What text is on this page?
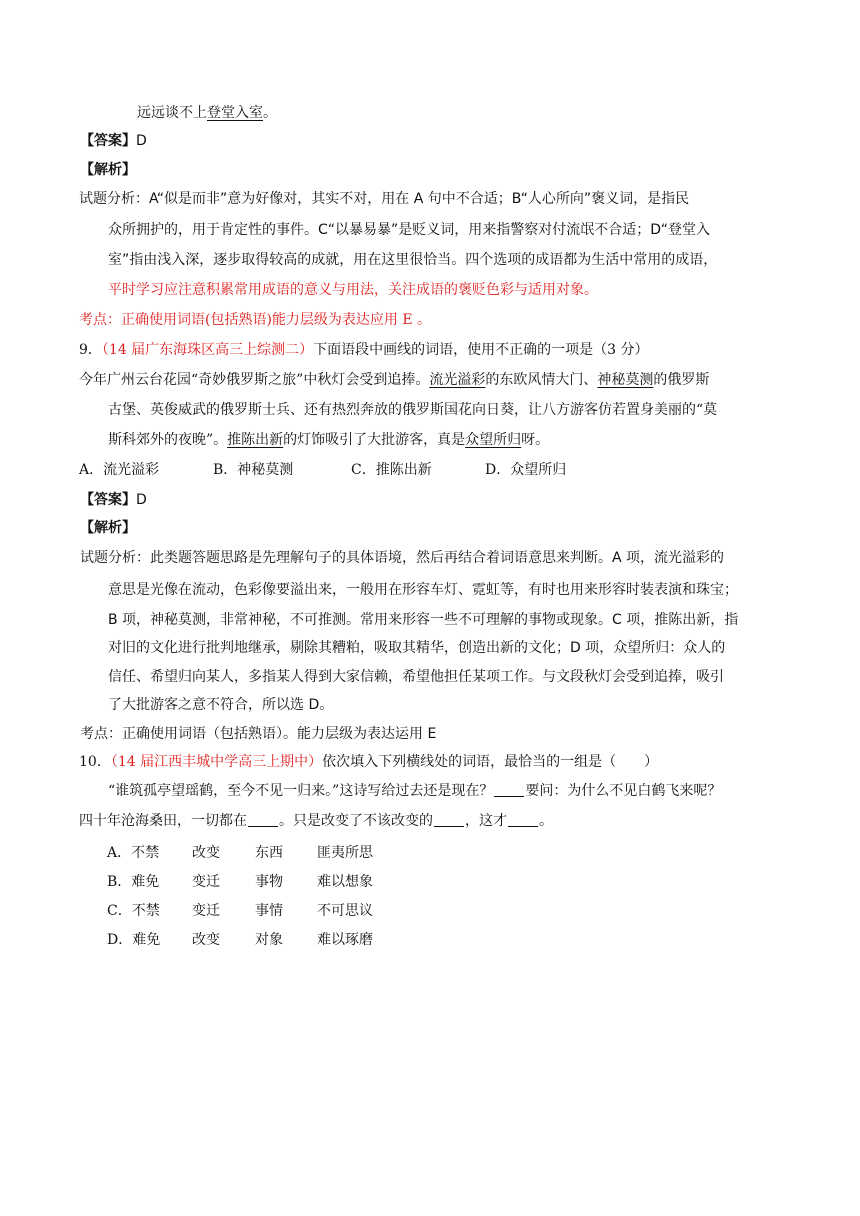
远远谈不上登堂入室。
【答案】D
【解析】
试题分析：A“似是而非”意为好像对，其实不对，用在 A 句中不合适；B“人心所向”褒义词，是指民
众所拥护的，用于肯定性的事件。C“以暴易暴”是贬义词，用来指警察对付流氓不合适；D“登堂入
室”指由浅入深，逐步取得较高的成就，用在这里很恰当。四个选项的成语都为生活中常用的成语，
平时学习应注意积累常用成语的意义与用法，关注成语的褒贬色彩与适用对象。
考点：正确使用词语(包括熟语)能力层级为表达应用 E 。
9．（14 届广东海珠区高三上综测二）下面语段中画线的词语，使用不正确的一项是（3 分）
今年广州云台花园“奇妙俄罗斯之旅”中秋灯会受到追捧。流光溢彩的东欧风情大门、神秘莫测的俄罗斯
古堡、英俊威武的俄罗斯士兵、还有热烈奔放的俄罗斯国花向日葵，让八方游客仿若置身美丽的“莫
斯科郊外的夜晚”。推陈出新的灯饰吸引了大批游客，真是众望所归呀。
A．流光溢彩	B．神秘莫测	C．推陈出新	D．众望所归
【答案】D
【解析】
试题分析：此类题答题思路是先理解句子的具体语境，然后再结合着词语意思来判断。A 项，流光溢彩的
意思是光像在流动，色彩像要溢出来，一般用在形容车灯、霓虹等，有时也用来形容时装表演和珠宝；
B 项，神秘莫测，非常神秘，不可推测。常用来形容一些不可理解的事物或现象。C 项，推陈出新，指
对旧的文化进行批判地继承，剔除其糟粕，吸取其精华，创造出新的文化；D 项，众望所归：众人的
信任、希望归向某人，多指某人得到大家信赖，希望他担任某项工作。与文段秋灯会受到追捧，吸引
了大批游客之意不符合，所以选 D。
考点：正确使用词语（包括熟语）。能力层级为表达运用 E
10．（14 届江西丰城中学高三上期中）依次填入下列横线处的词语，最恰当的一组是（　　）
“谁筑孤亭望瑶鹤，至今不见一归来。”这诗写给过去还是现在？ 要问：为什么不见白鹤飞来呢？
四十年沧海桑田，一切都在 。只是改变了不该改变的 ，这才 。
A．不禁 改变	东西 匪夷所思
B．难免 变迁	事物 难以想象
C．不禁 变迁	事情 不可思议
D．难免 改变	对象 难以琢磨
